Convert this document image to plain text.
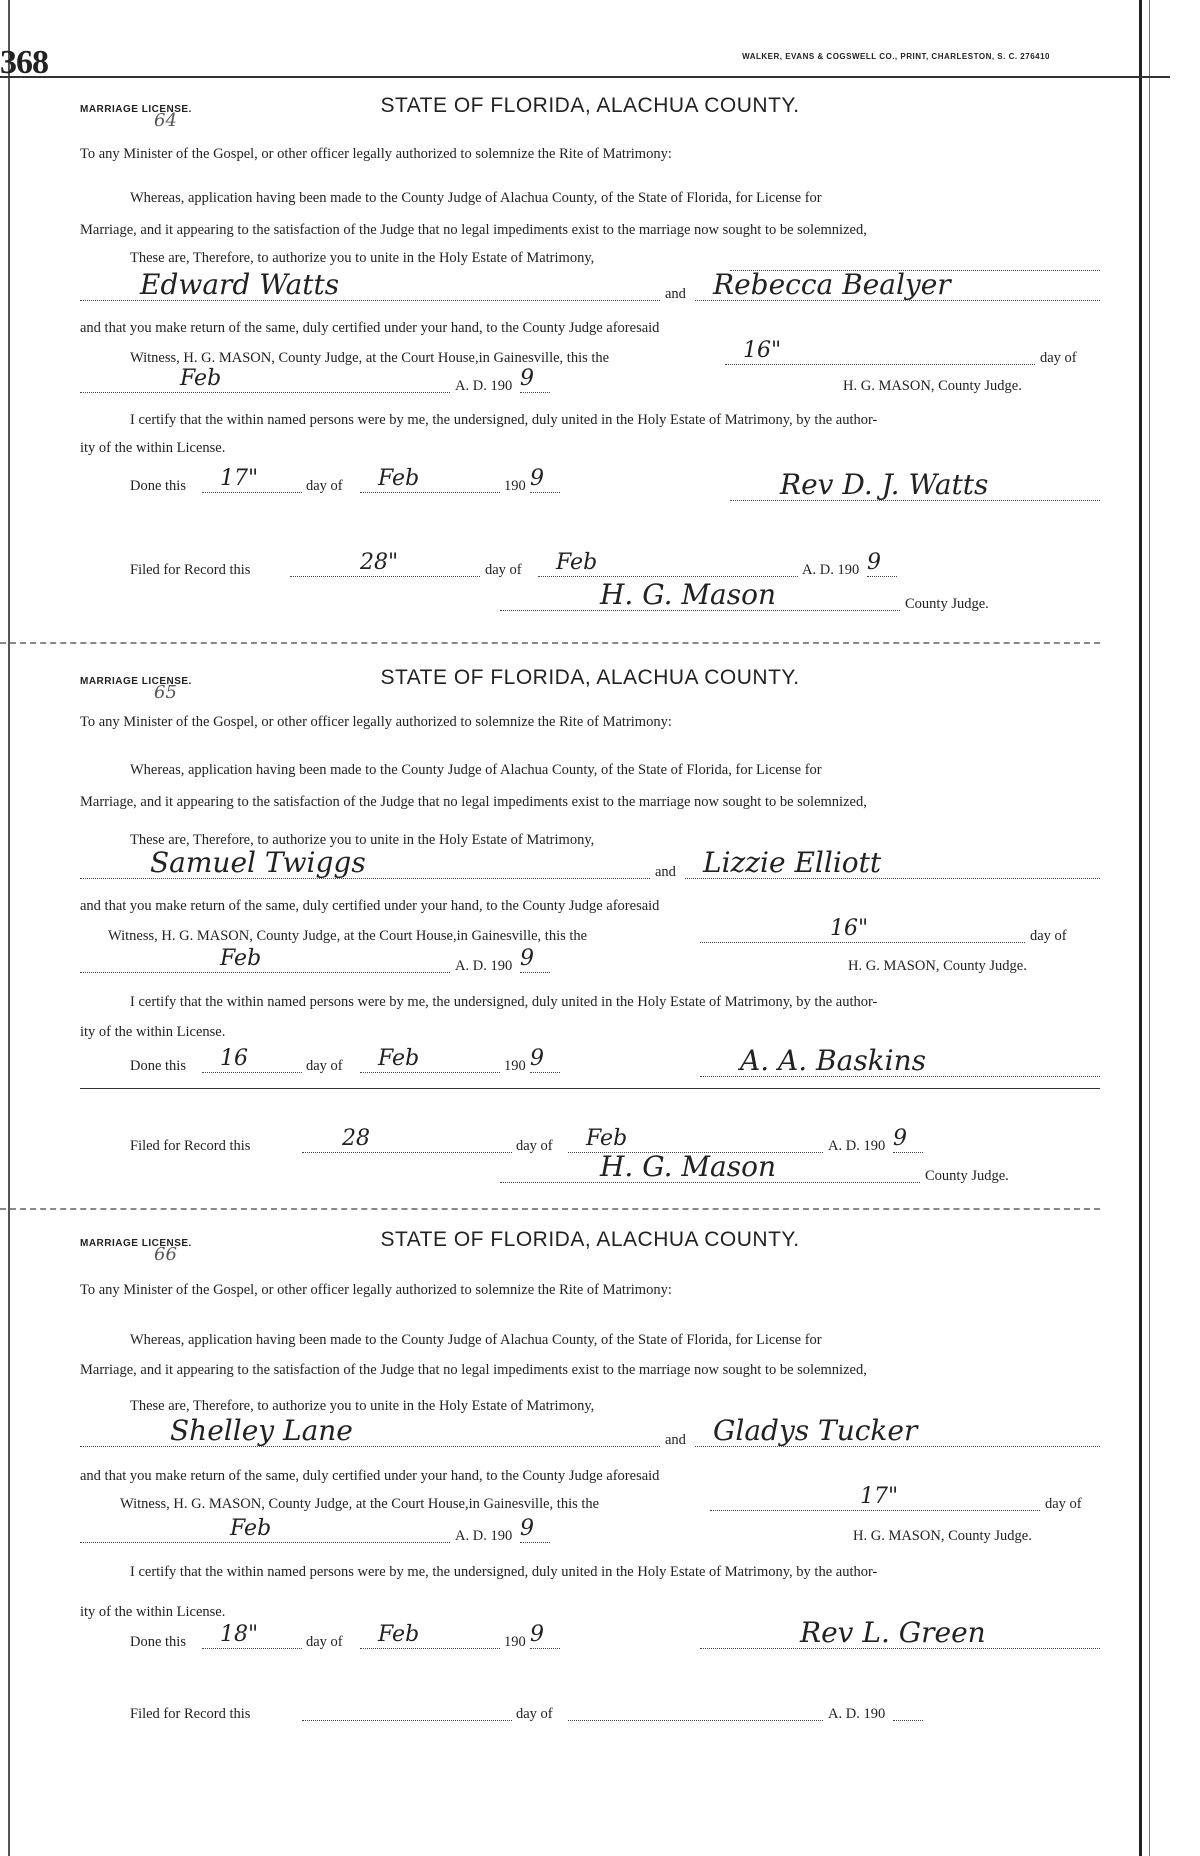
368	WALKER, EVANS & COGSWELL CO., PRINT, CHARLESTON, S. C. 276410
MARRIAGE LICENSE.
64
STATE OF FLORIDA, ALACHUA COUNTY.
To any Minister of the Gospel, or other officer legally authorized to solemnize the Rite of Matrimony:
Whereas, application having been made to the County Judge of Alachua County, of the State of Florida, for License for
Marriage, and it appearing to the satisfaction of the Judge that no legal impediments exist to the marriage now sought to be solemnized,
These are, Therefore, to authorize you to unite in the Holy Estate of Matrimony,
Edward Watts	and Rebecca Bealyer
and that you make return of the same, duly certified under your hand, to the County Judge aforesaid
Witness, H. G. MASON, County Judge, at the Court House,in Gainesville, this the	16"	day of
Feb	A. D. 190 9	H. G. MASON, County Judge.
I certify that the within named persons were by me, the undersigned, duly united in the Holy Estate of Matrimony, by the author-
ity of the within License.
Done this 17"	day of Feb	190 9	Rev D. J. Watts
Filed for Record this	28"	day of Feb	A. D. 190 9
H. G. Mason	County Judge.
MARRIAGE LICENSE.
65
STATE OF FLORIDA, ALACHUA COUNTY.
To any Minister of the Gospel, or other officer legally authorized to solemnize the Rite of Matrimony:
Whereas, application having been made to the County Judge of Alachua County, of the State of Florida, for License for
Marriage, and it appearing to the satisfaction of the Judge that no legal impediments exist to the marriage now sought to be solemnized,
These are, Therefore, to authorize you to unite in the Holy Estate of Matrimony,
Samuel Twiggs	and Lizzie Elliott
and that you make return of the same, duly certified under your hand, to the County Judge aforesaid
Witness, H. G. MASON, County Judge, at the Court House,in Gainesville, this the	16"	day of
Feb	A. D. 190 9	H. G. MASON, County Judge.
I certify that the within named persons were by me, the undersigned, duly united in the Holy Estate of Matrimony, by the author-
ity of the within License.
Done this 16	day of Feb	190 9	A. A. Baskins
Filed for Record this	28	day of Feb	A. D. 190 9
H. G. Mason	County Judge.
MARRIAGE LICENSE.
66
STATE OF FLORIDA, ALACHUA COUNTY.
To any Minister of the Gospel, or other officer legally authorized to solemnize the Rite of Matrimony:
Whereas, application having been made to the County Judge of Alachua County, of the State of Florida, for License for
Marriage, and it appearing to the satisfaction of the Judge that no legal impediments exist to the marriage now sought to be solemnized,
These are, Therefore, to authorize you to unite in the Holy Estate of Matrimony,
Shelley Lane	and Gladys Tucker
and that you make return of the same, duly certified under your hand, to the County Judge aforesaid
Witness, H. G. MASON, County Judge, at the Court House,in Gainesville, this the	17"	day of
Feb	A. D. 190 9	H. G. MASON, County Judge.
I certify that the within named persons were by me, the undersigned, duly united in the Holy Estate of Matrimony, by the author-
ity of the within License.
Done this 18"	day of Feb	190 9	Rev L. Green
Filed for Record this	day of	A. D. 190
